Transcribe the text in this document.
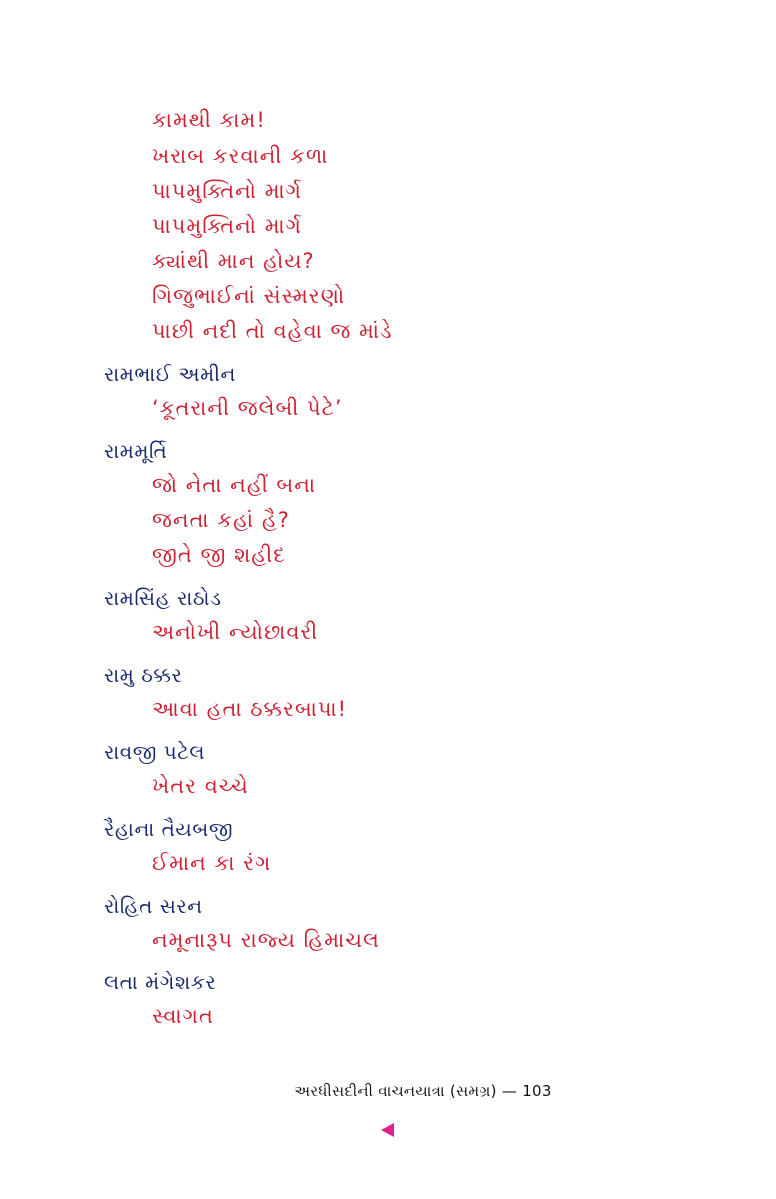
કામથી કામ!
ખરાબ કરવાની કળા
પાપમુક્તિનો માર્ગ
પાપમુક્તિનો માર્ગ
ક્યાંથી માન હોય?
ગિજુભાઈનાં સંસ્મરણો
પાછી નદી તો વહેવા જ માંડે
રામભાઈ અમીન
‘કૂતરાની જલેબી પેટે’
રામમૂર્તિ
જો નેતા નહીં બના
જનતા કહાં હૈ?
જીતે જી શહીદ
રામસિંહ રાઠોડ
અનોખી ન્યોછાવરી
રામુ ઠક્કર
આવા હતા ઠક્કરબાપા!
રાવજી પટેલ
ખેતર વચ્ચે
રૈહાના તૈયબજી
ઈમાન કા રંગ
રોહિત સરન
નમૂનારૂપ રાજ્ય હિમાચલ
લતા મંગેશકર
સ્વાગત
અરધીસદીની વાચનયાત્રા (સમગ્ર) — 103
